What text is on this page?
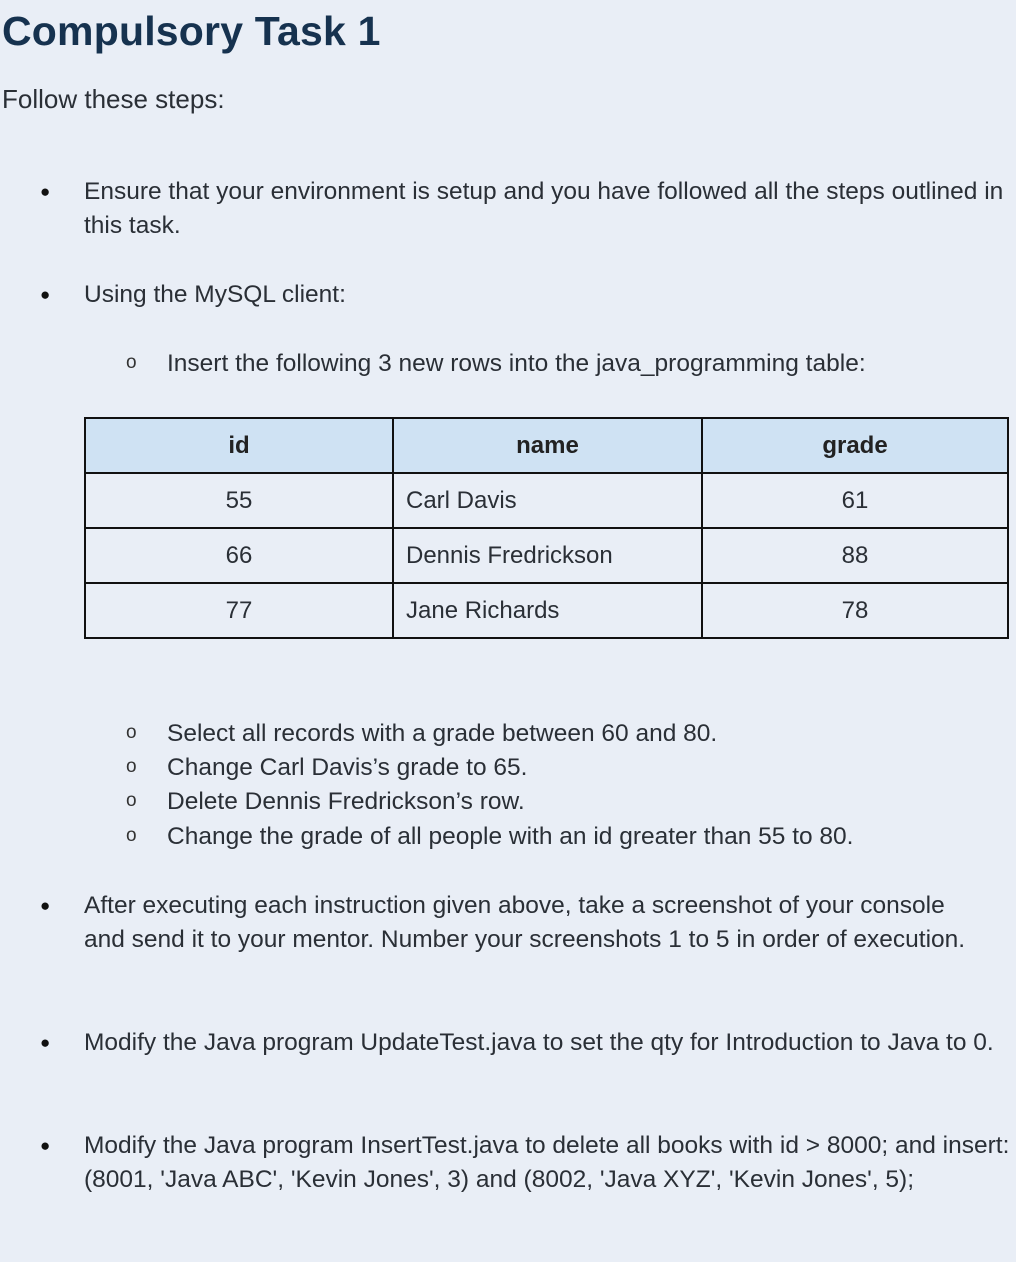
Compulsory Task 1
Follow these steps:
● Ensure that your environment is setup and you have followed all the steps outlined in this task.
● Using the MySQL client:
o Insert the following 3 new rows into the java_programming table:
id	name	grade
55	Carl Davis	61
66	Dennis Fredrickson	88
77	Jane Richards	78
o Select all records with a grade between 60 and 80.
o Change Carl Davis’s grade to 65.
o Delete Dennis Fredrickson’s row.
o Change the grade of all people with an id greater than 55 to 80.
● After executing each instruction given above, take a screenshot of your console and send it to your mentor. Number your screenshots 1 to 5 in order of execution.
● Modify the Java program UpdateTest.java to set the qty for Introduction to Java to 0.
● Modify the Java program InsertTest.java to delete all books with id > 8000; and insert: (8001, 'Java ABC', 'Kevin Jones', 3) and (8002, 'Java XYZ', 'Kevin Jones', 5);
